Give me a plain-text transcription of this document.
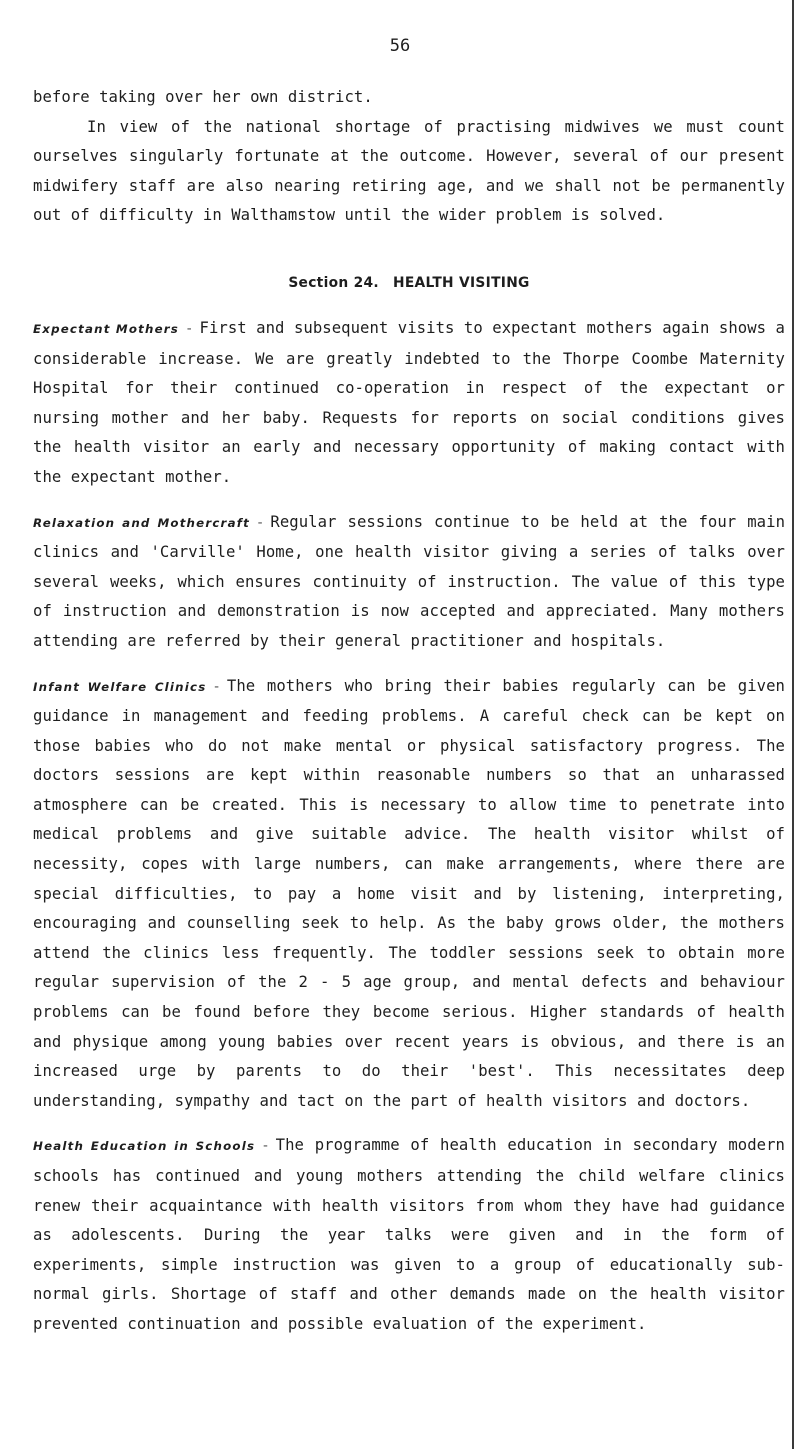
56

before taking over her own district.

In view of the national shortage of practising midwives we must count ourselves singularly fortunate at the outcome. However, several of our present midwifery staff are also nearing retiring age, and we shall not be permanently out of difficulty in Walthamstow until the wider problem is solved.

Section 24. HEALTH VISITING

Expectant Mothers - First and subsequent visits to expectant mothers again shows a considerable increase. We are greatly indebted to the Thorpe Coombe Maternity Hospital for their continued co-operation in respect of the expectant or nursing mother and her baby. Requests for reports on social conditions gives the health visitor an early and necessary opportunity of making contact with the expectant mother.

Relaxation and Mothercraft - Regular sessions continue to be held at the four main clinics and 'Carville' Home, one health visitor giving a series of talks over several weeks, which ensures continuity of instruction. The value of this type of instruction and demonstration is now accepted and appreciated. Many mothers attending are referred by their general practitioner and hospitals.

Infant Welfare Clinics - The mothers who bring their babies regularly can be given guidance in management and feeding problems. A careful check can be kept on those babies who do not make mental or physical satisfactory progress. The doctors sessions are kept within reasonable numbers so that an unharassed atmosphere can be created. This is necessary to allow time to penetrate into medical problems and give suitable advice. The health visitor whilst of necessity, copes with large numbers, can make arrangements, where there are special difficulties, to pay a home visit and by listening, interpreting, encouraging and counselling seek to help. As the baby grows older, the mothers attend the clinics less frequently. The toddler sessions seek to obtain more regular supervision of the 2 - 5 age group, and mental defects and behaviour problems can be found before they become serious. Higher standards of health and physique among young babies over recent years is obvious, and there is an increased urge by parents to do their 'best'. This necessitates deep understanding, sympathy and tact on the part of health visitors and doctors.

Health Education in Schools - The programme of health education in secondary modern schools has continued and young mothers attending the child welfare clinics renew their acquaintance with health visitors from whom they have had guidance as adolescents. During the year talks were given and in the form of experiments, simple instruction was given to a group of educationally sub-normal girls. Shortage of staff and other demands made on the health visitor prevented continuation and possible evaluation of the experiment.
